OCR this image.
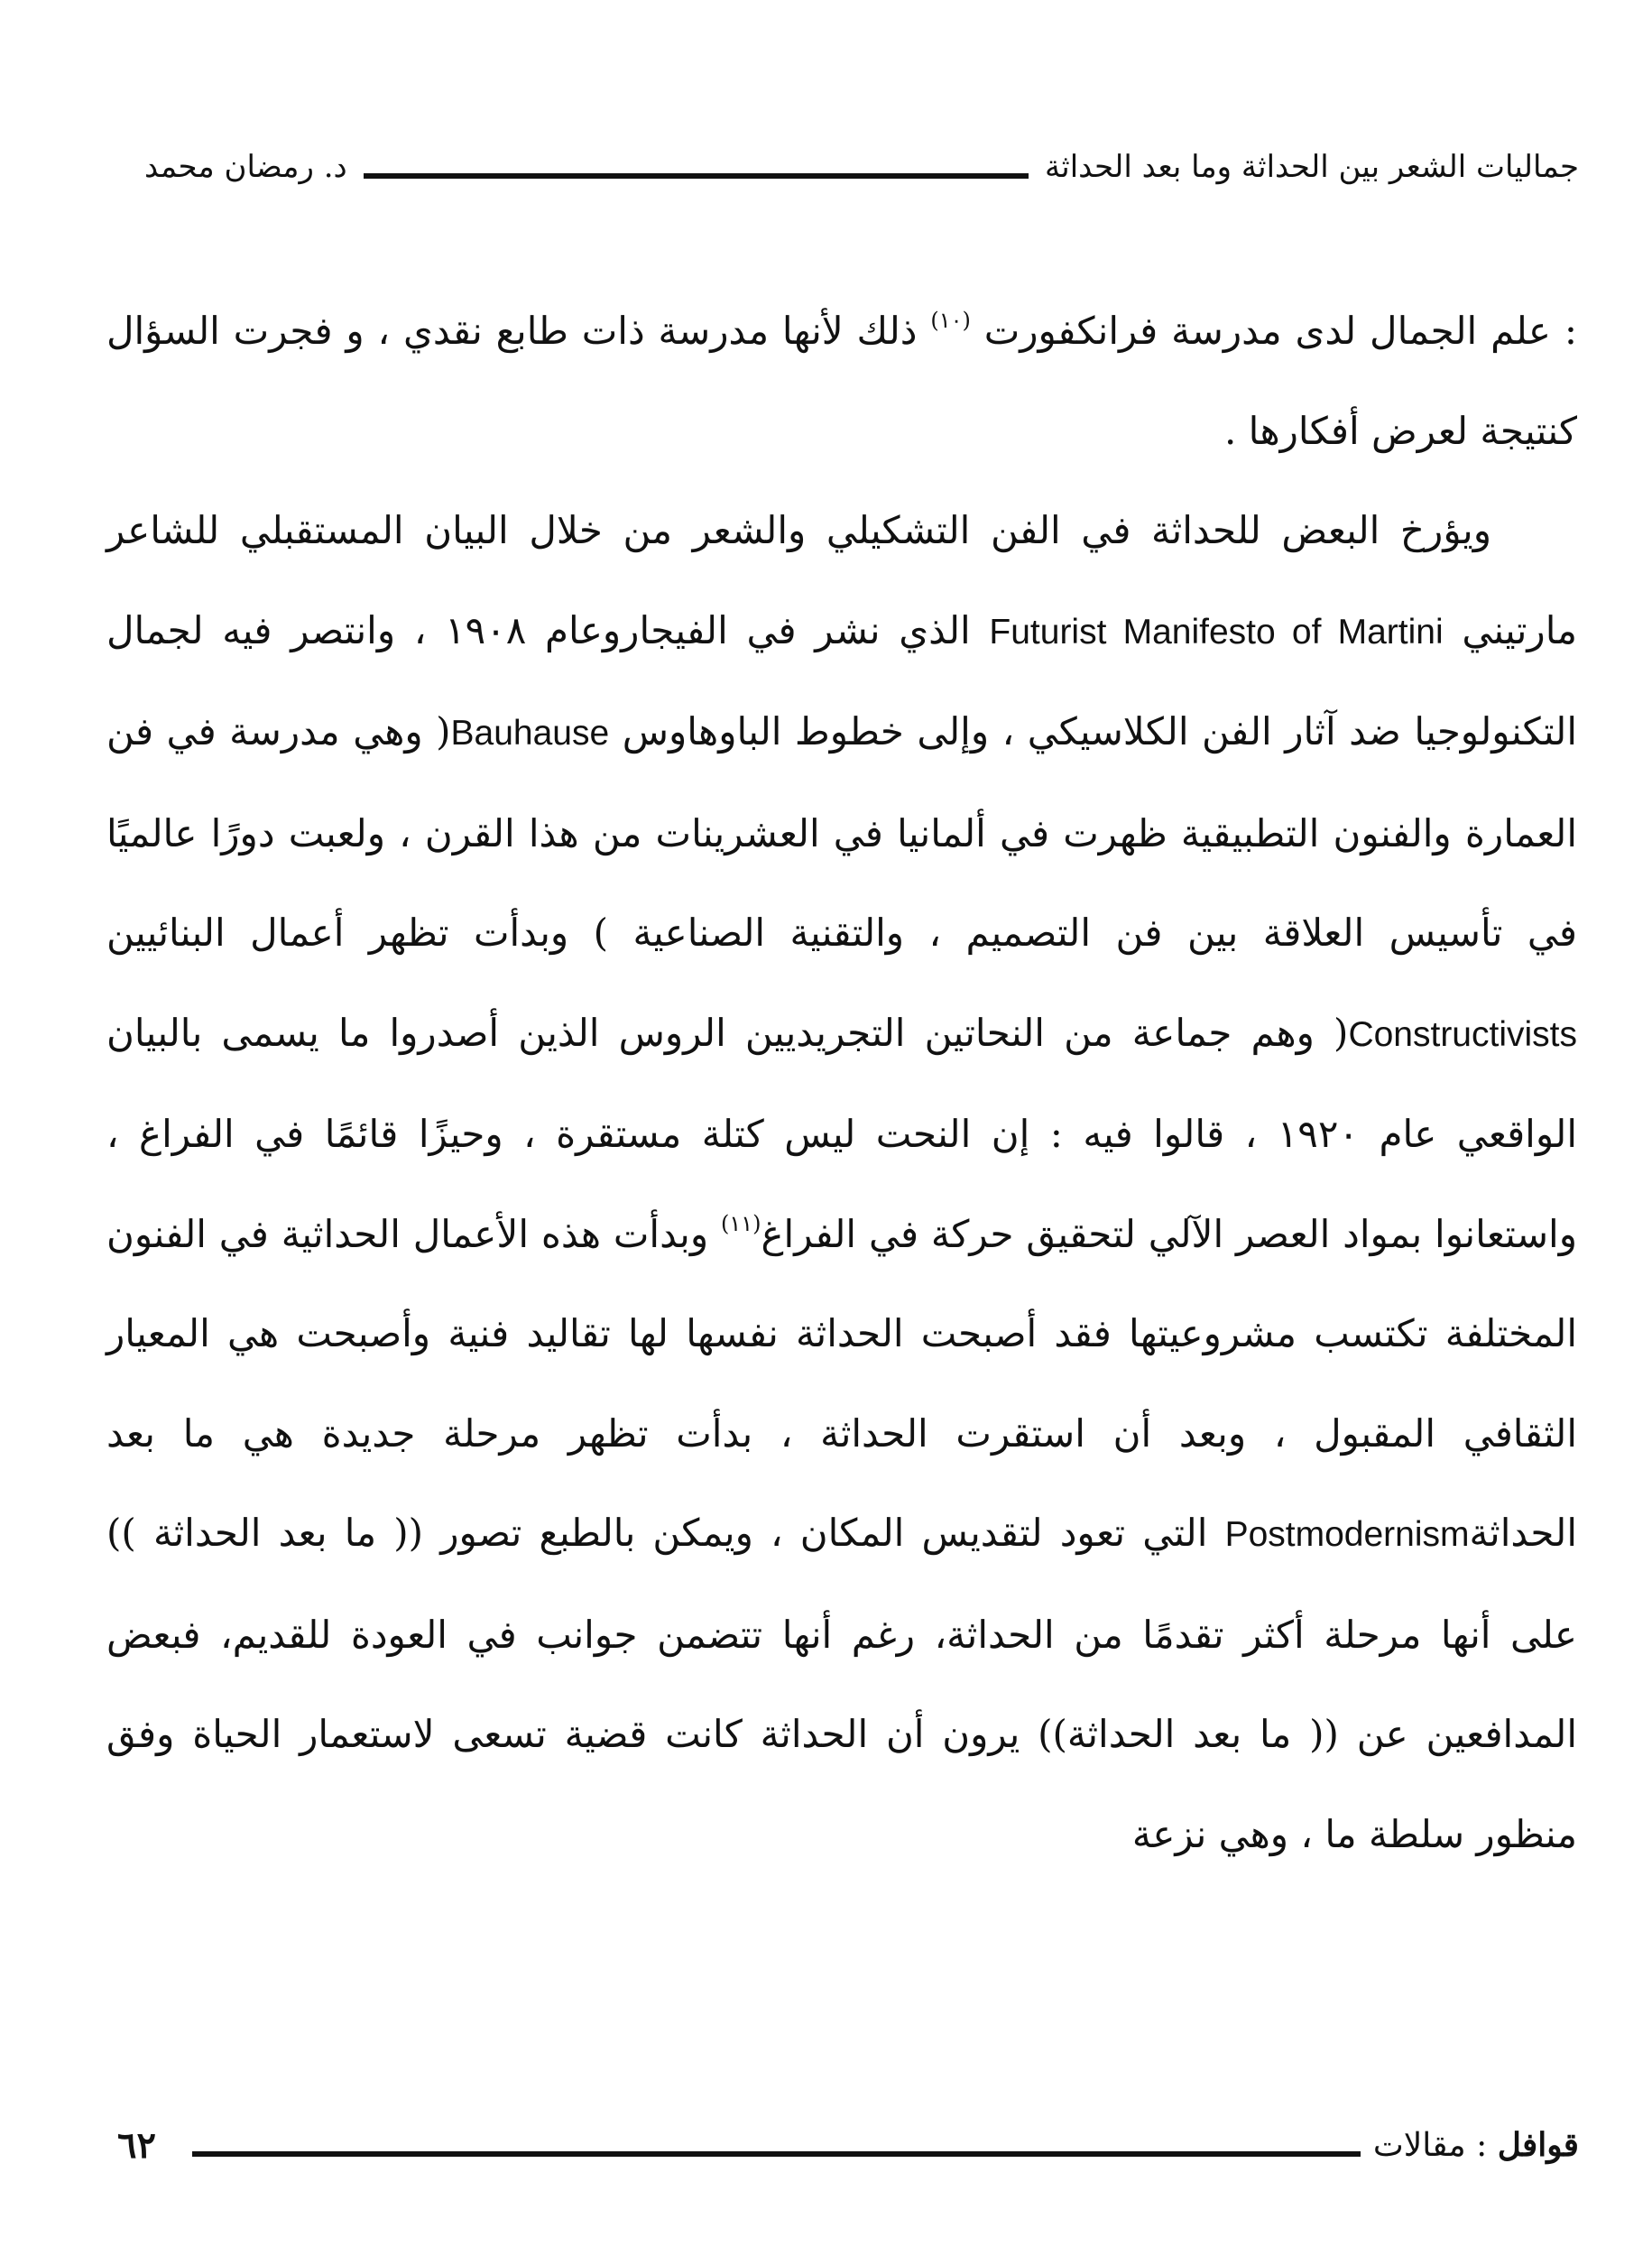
جماليات الشعر بين الحداثة وما بعد الحداثة
د. رمضان محمد

: علم الجمال لدى مدرسة فرانكفورت $^{(١٠)}$ ذلك لأنها مدرسة ذات طابع نقدي ، و فجرت السؤال كنتيجة لعرض أفكارها .

ويؤرخ البعض للحداثة في الفن التشكيلي والشعر من خلال البيان المستقبلي للشاعر مارتيني Futurist Manifesto of Martini الذي نشر في الفيجاروعام ١٩٠٨ ، وانتصر فيه لجمال التكنولوجيا ضد آثار الفن الكلاسيكي ، وإلى خطوط الباوهاوس Bauhause( وهي مدرسة في فن العمارة والفنون التطبيقية ظهرت في ألمانيا في العشرينات من هذا القرن ، ولعبت دورًا عالميًا في تأسيس العلاقة بين فن التصميم ، والتقنية الصناعية ) وبدأت تظهر أعمال البنائيين Constructivists( وهم جماعة من النحاتين التجريديين الروس الذين أصدروا ما يسمى بالبيان الواقعي عام ١٩٢٠ ، قالوا فيه : إن النحت ليس كتلة مستقرة ، وحيزًا قائمًا في الفراغ ، واستعانوا بمواد العصر الآلي لتحقيق حركة في الفراغ$^{(١١)}$ وبدأت هذه الأعمال الحداثية في الفنون المختلفة تكتسب مشروعيتها فقد أصبحت الحداثة نفسها لها تقاليد فنية وأصبحت هي المعيار الثقافي المقبول ، وبعد أن استقرت الحداثة ، بدأت تظهر مرحلة جديدة هي ما بعد الحداثةPostmodernism التي تعود لتقديس المكان ، ويمكن بالطبع تصور (( ما بعد الحداثة )) على أنها مرحلة أكثر تقدمًا من الحداثة، رغم أنها تتضمن جوانب في العودة للقديم، فبعض المدافعين عن (( ما بعد الحداثة)) يرون أن الحداثة كانت قضية تسعى لاستعمار الحياة وفق منظور سلطة ما ، وهي نزعة

قوافل
:
مقالات
٦٢
